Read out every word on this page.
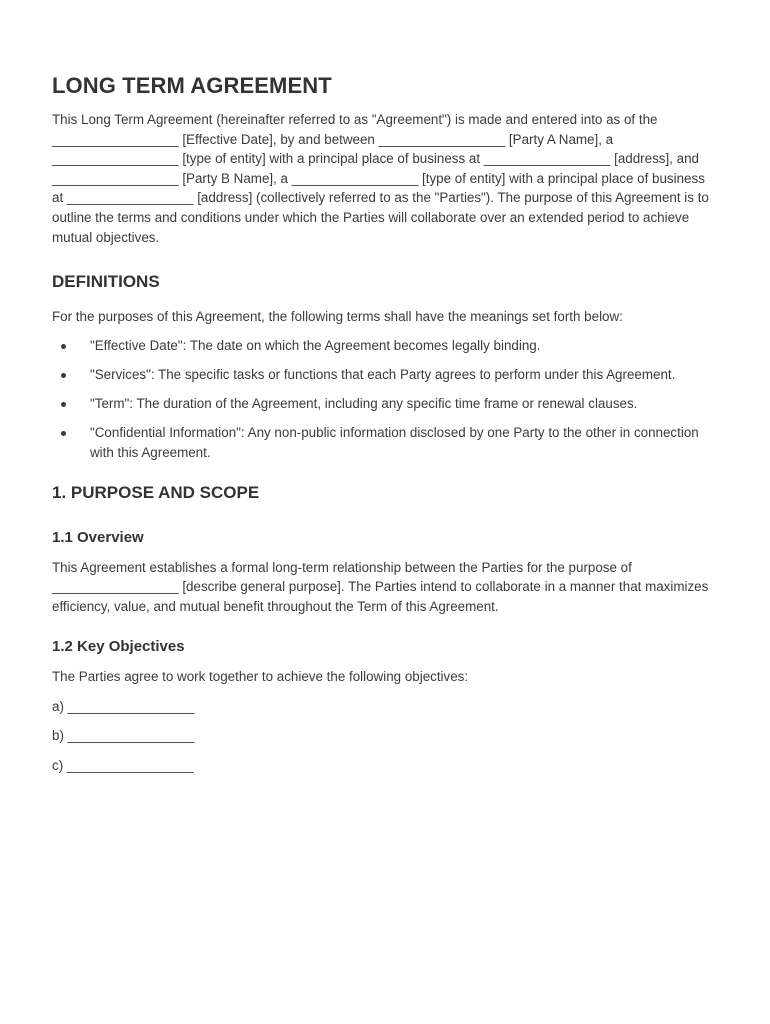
LONG TERM AGREEMENT

This Long Term Agreement (hereinafter referred to as "Agreement") is made and entered into as of the _________________ [Effective Date], by and between _________________ [Party A Name], a _________________ [type of entity] with a principal place of business at _________________ [address], and _________________ [Party B Name], a _________________ [type of entity] with a principal place of business at _________________ [address] (collectively referred to as the "Parties"). The purpose of this Agreement is to outline the terms and conditions under which the Parties will collaborate over an extended period to achieve mutual objectives.

DEFINITIONS

For the purposes of this Agreement, the following terms shall have the meanings set forth below:

"Effective Date": The date on which the Agreement becomes legally binding.
"Services": The specific tasks or functions that each Party agrees to perform under this Agreement.
"Term": The duration of the Agreement, including any specific time frame or renewal clauses.
"Confidential Information": Any non-public information disclosed by one Party to the other in connection with this Agreement.
1. PURPOSE AND SCOPE
1.1 Overview

This Agreement establishes a formal long-term relationship between the Parties for the purpose of _________________ [describe general purpose]. The Parties intend to collaborate in a manner that maximizes efficiency, value, and mutual benefit throughout the Term of this Agreement.

1.2 Key Objectives

The Parties agree to work together to achieve the following objectives:

a) _________________

b) _________________

c) _________________
